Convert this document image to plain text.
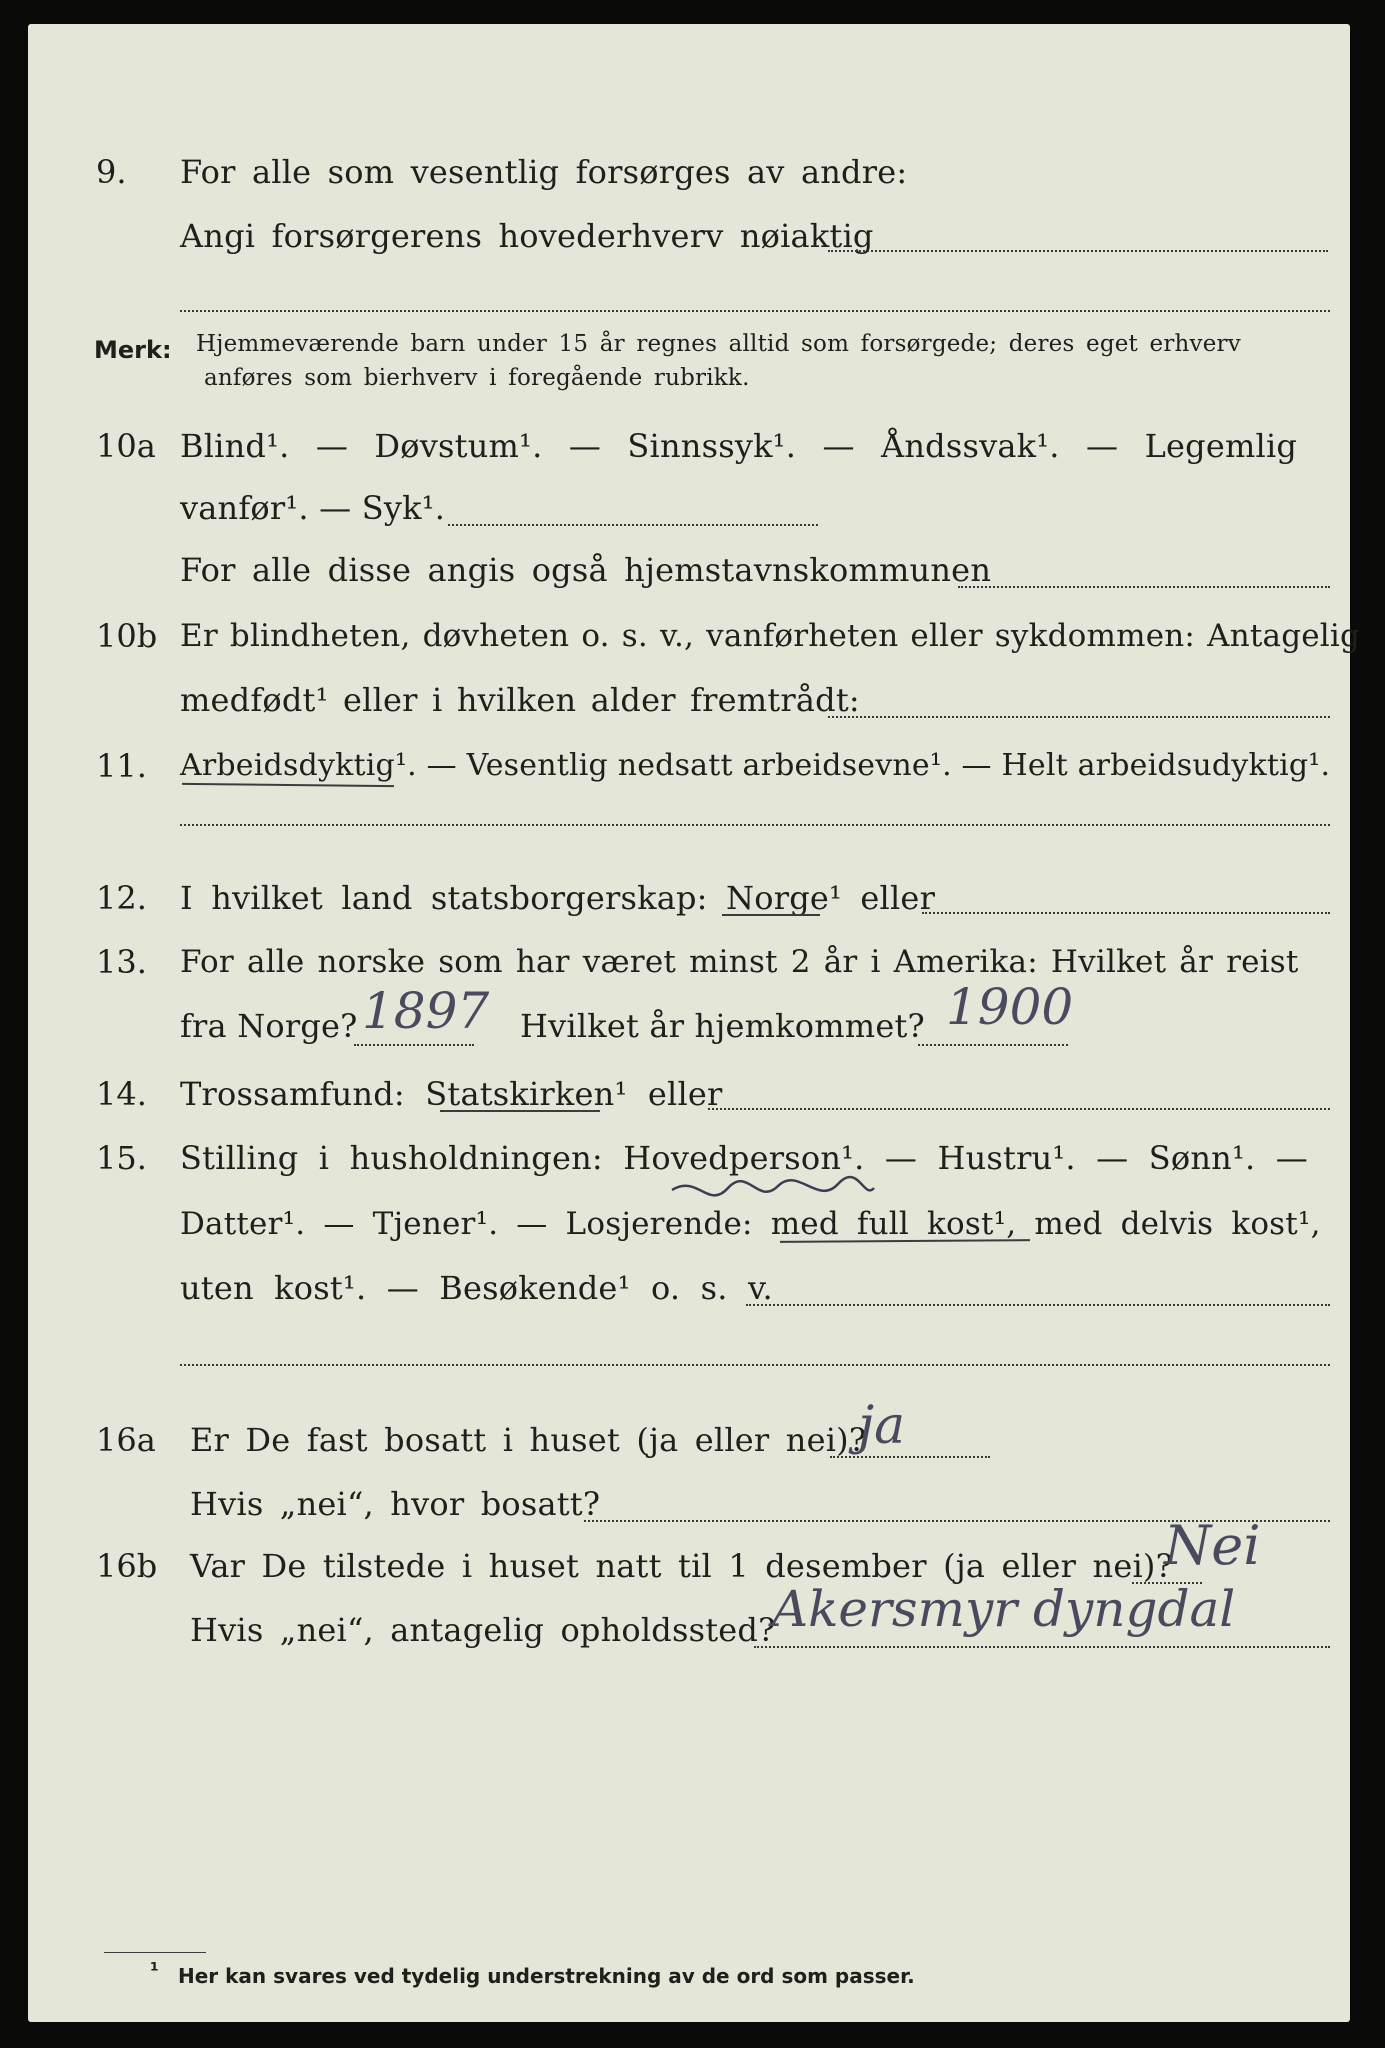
9. For alle som vesentlig forsørges av andre:
Angi forsørgerens hovederhverv nøiaktig
Merk: Hjemmeværende barn under 15 år regnes alltid som forsørgede; deres eget erhverv
anføres som bierhverv i foregående rubrikk.
10a Blind¹. — Døvstum¹. — Sinnssyk¹. — Åndssvak¹. — Legemlig
vanfør¹. — Syk¹.
For alle disse angis også hjemstavnskommunen
10b Er blindheten, døvheten o. s. v., vanførheten eller sykdommen: Antagelig
medfødt¹ eller i hvilken alder fremtrådt:
11. Arbeidsdyktig¹. — Vesentlig nedsatt arbeidsevne¹. — Helt arbeidsudyktig¹.
12. I hvilket land statsborgerskap: Norge¹ eller
13. For alle norske som har været minst 2 år i Amerika: Hvilket år reist
fra Norge? 1897 Hvilket år hjemkommet? 1900
14. Trossamfund: Statskirken¹ eller
15. Stilling i husholdningen: Hovedperson¹. — Hustru¹. — Sønn¹. —
Datter¹. — Tjener¹. — Losjerende: med full kost¹, med delvis kost¹,
uten kost¹. — Besøkende¹ o. s. v.
16a Er De fast bosatt i huset (ja eller nei)?
ja
Hvis „nei“, hvor bosatt?
16b Var De tilstede i huset natt til 1 desember (ja eller nei)?
Nei
Hvis „nei“, antagelig opholdssted?
Akersmyr dyngdal
¹ Her kan svares ved tydelig understrekning av de ord som passer.
